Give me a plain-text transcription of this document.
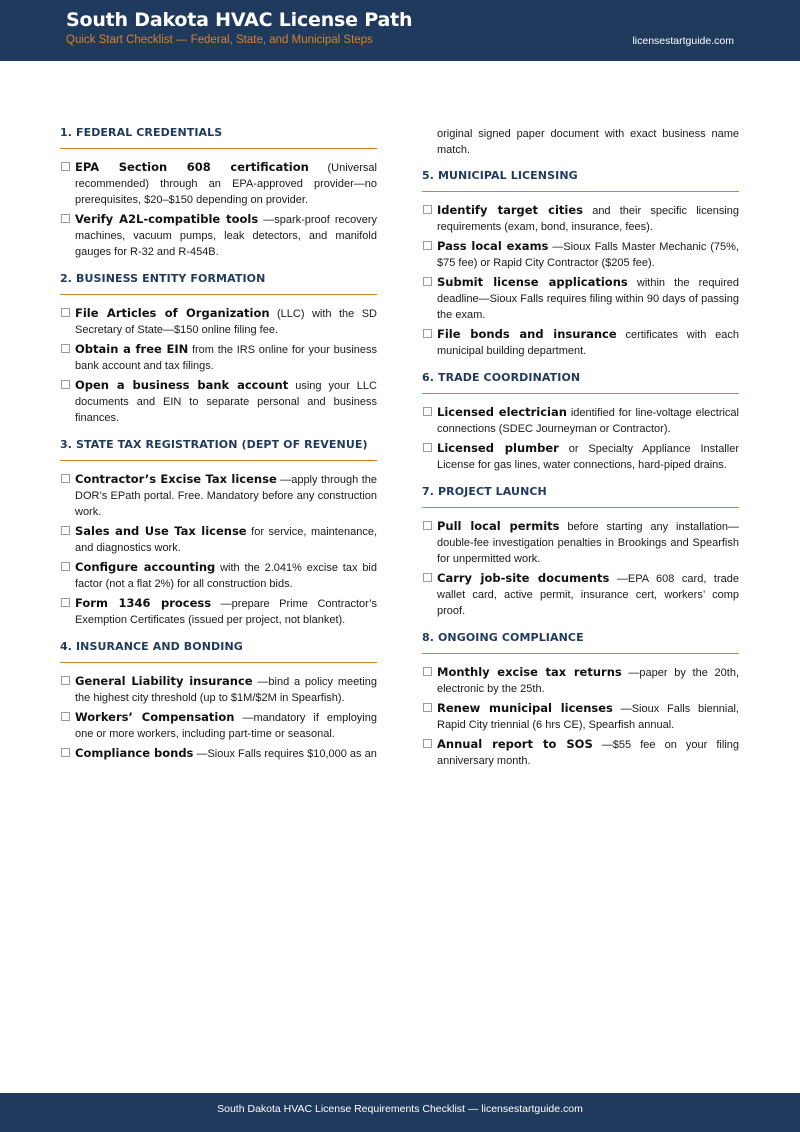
South Dakota HVAC License Path
Quick Start Checklist — Federal, State, and Municipal Steps	licensestartguide.com
1. FEDERAL CREDENTIALS
EPA Section 608 certification (Universal recommended) through an EPA-approved provider—no prerequisites, $20–$150 depending on provider.
Verify A2L-compatible tools —spark-proof recovery machines, vacuum pumps, leak detectors, and manifold gauges for R-32 and R-454B.
2. BUSINESS ENTITY FORMATION
File Articles of Organization (LLC) with the SD Secretary of State—$150 online filing fee.
Obtain a free EIN from the IRS online for your business bank account and tax filings.
Open a business bank account using your LLC documents and EIN to separate personal and business finances.
3. STATE TAX REGISTRATION (DEPT OF REVENUE)
Contractor’s Excise Tax license —apply through the DOR’s EPath portal. Free. Mandatory before any construction work.
Sales and Use Tax license for service, maintenance, and diagnostics work.
Configure accounting with the 2.041% excise tax bid factor (not a flat 2%) for all construction bids.
Form 1346 process —prepare Prime Contractor’s Exemption Certificates (issued per project, not blanket).
4. INSURANCE AND BONDING
General Liability insurance —bind a policy meeting the highest city threshold (up to $1M/$2M in Spearfish).
Workers’ Compensation —mandatory if employing one or more workers, including part-time or seasonal.
Compliance bonds —Sioux Falls requires $10,000 as an
original signed paper document with exact business name match.
5. MUNICIPAL LICENSING
Identify target cities and their specific licensing requirements (exam, bond, insurance, fees).
Pass local exams —Sioux Falls Master Mechanic (75%, $75 fee) or Rapid City Contractor ($205 fee).
Submit license applications within the required deadline—Sioux Falls requires filing within 90 days of passing the exam.
File bonds and insurance certificates with each municipal building department.
6. TRADE COORDINATION
Licensed electrician identified for line-voltage electrical connections (SDEC Journeyman or Contractor).
Licensed plumber or Specialty Appliance Installer License for gas lines, water connections, hard-piped drains.
7. PROJECT LAUNCH
Pull local permits before starting any installation—double-fee investigation penalties in Brookings and Spearfish for unpermitted work.
Carry job-site documents —EPA 608 card, trade wallet card, active permit, insurance cert, workers’ comp proof.
8. ONGOING COMPLIANCE
Monthly excise tax returns —paper by the 20th, electronic by the 25th.
Renew municipal licenses —Sioux Falls biennial, Rapid City triennial (6 hrs CE), Spearfish annual.
Annual report to SOS —$55 fee on your filing anniversary month.
South Dakota HVAC License Requirements Checklist — licensestartguide.com
